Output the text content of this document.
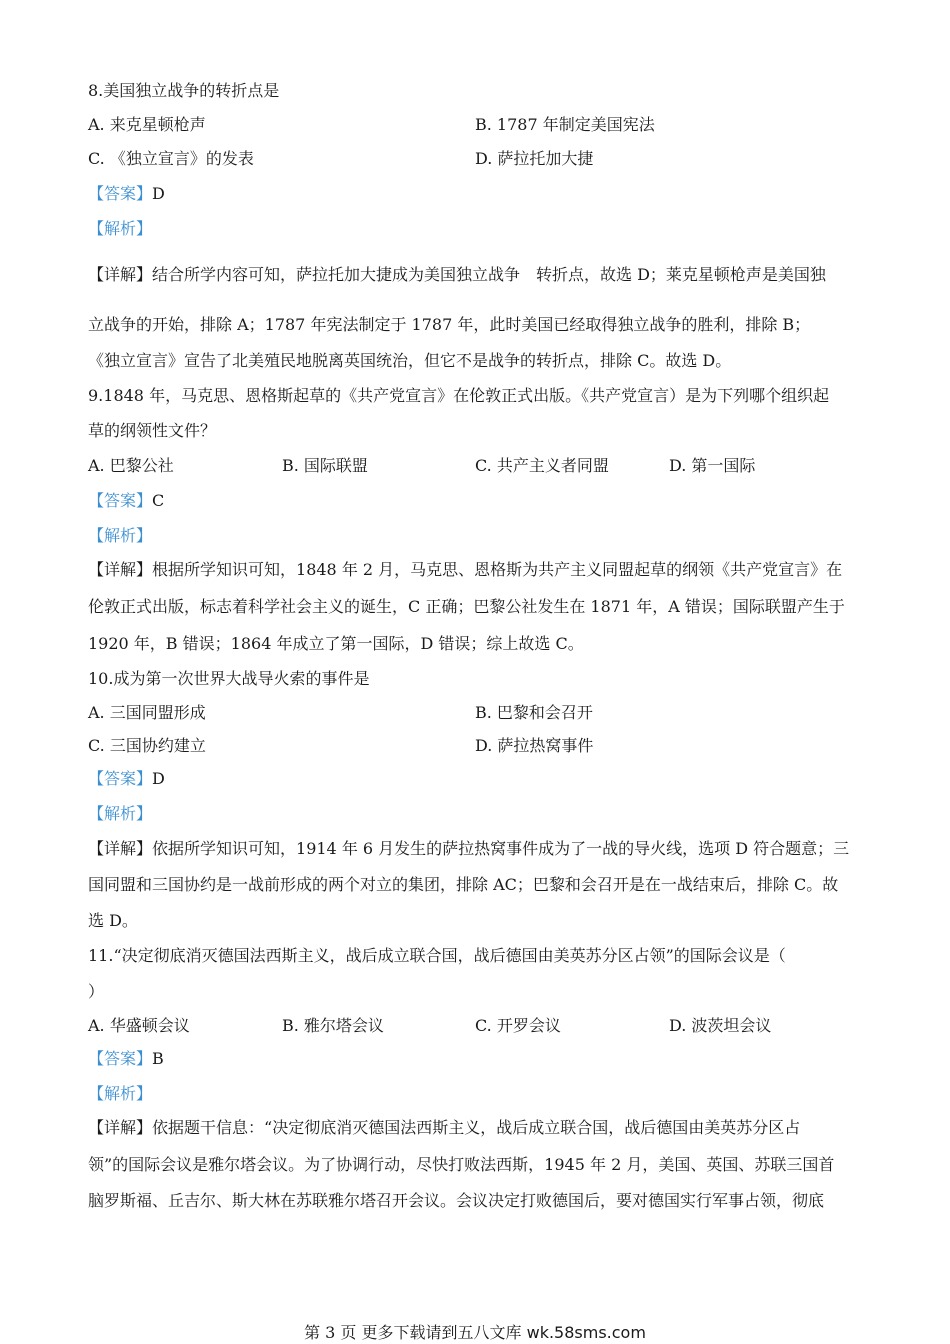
8.美国独立战争的转折点是
A. 来克星顿枪声	B. 1787 年制定美国宪法
C. 《独立宣言》的发表	D. 萨拉托加大捷
【答案】D
【解析】
【详解】结合所学内容可知，萨拉托加大捷成为美国独立战争　转折点，故选 D；莱克星顿枪声是美国独
立战争的开始，排除 A；1787 年宪法制定于 1787 年，此时美国已经取得独立战争的胜利，排除 B；
《独立宣言》宣告了北美殖民地脱离英国统治，但它不是战争的转折点，排除 C。故选 D。
9.1848 年，马克思、恩格斯起草的《共产党宣言》在伦敦正式出版。《共产党宣言）是为下列哪个组织起
草的纲领性文件？
A. 巴黎公社	B. 国际联盟	C. 共产主义者同盟	D. 第一国际
【答案】C
【解析】
【详解】根据所学知识可知，1848 年 2 月，马克思、恩格斯为共产主义同盟起草的纲领《共产党宣言》在
伦敦正式出版，标志着科学社会主义的诞生，C 正确；巴黎公社发生在 1871 年，A 错误；国际联盟产生于
1920 年，B 错误；1864 年成立了第一国际，D 错误；综上故选 C。
10.成为第一次世界大战导火索的事件是
A. 三国同盟形成	B. 巴黎和会召开
C. 三国协约建立	D. 萨拉热窝事件
【答案】D
【解析】
【详解】依据所学知识可知，1914 年 6 月发生的萨拉热窝事件成为了一战的导火线，选项 D 符合题意；三
国同盟和三国协约是一战前形成的两个对立的集团，排除 AC；巴黎和会召开是在一战结束后，排除 C。故
选 D。
11.“决定彻底消灭德国法西斯主义，战后成立联合国，战后德国由美英苏分区占领”的国际会议是（
）
A. 华盛顿会议	B. 雅尔塔会议	C. 开罗会议	D. 波茨坦会议
【答案】B
【解析】
【详解】依据题干信息：“决定彻底消灭德国法西斯主义，战后成立联合国，战后德国由美英苏分区占
领”的国际会议是雅尔塔会议。为了协调行动，尽快打败法西斯，1945 年 2 月，美国、英国、苏联三国首
脑罗斯福、丘吉尔、斯大林在苏联雅尔塔召开会议。会议决定打败德国后，要对德国实行军事占领，彻底
第 3 页 更多下载请到五八文库 wk.58sms.com
